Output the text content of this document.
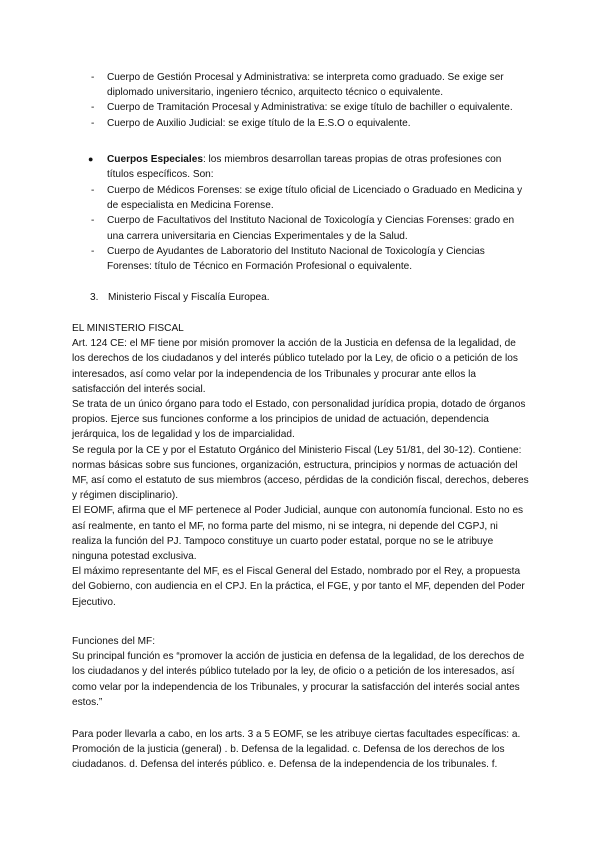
- Cuerpo de Gestión Procesal y Administrativa: se interpreta como graduado. Se exige ser diplomado universitario, ingeniero técnico, arquitecto técnico o equivalente.
- Cuerpo de Tramitación Procesal y Administrativa: se exige título de bachiller o equivalente.
- Cuerpo de Auxilio Judicial: se exige título de la E.S.O o equivalente.
● Cuerpos Especiales: los miembros desarrollan tareas propias de otras profesiones con títulos específicos. Son:
- Cuerpo de Médicos Forenses: se exige título oficial de Licenciado o Graduado en Medicina y de especialista en Medicina Forense.
- Cuerpo de Facultativos del Instituto Nacional de Toxicología y Ciencias Forenses: grado en una carrera universitaria en Ciencias Experimentales y de la Salud.
- Cuerpo de Ayudantes de Laboratorio del Instituto Nacional de Toxicología y Ciencias Forenses: título de Técnico en Formación Profesional o equivalente.
3. Ministerio Fiscal y Fiscalía Europea.

EL MINISTERIO FISCAL

Art. 124 CE: el MF tiene por misión promover la acción de la Justicia en defensa de la legalidad, de los derechos de los ciudadanos y del interés público tutelado por la Ley, de oficio o a petición de los interesados, así como velar por la independencia de los Tribunales y procurar ante ellos la satisfacción del interés social.

Se trata de un único órgano para todo el Estado, con personalidad jurídica propia, dotado de órganos propios. Ejerce sus funciones conforme a los principios de unidad de actuación, dependencia jerárquica, los de legalidad y los de imparcialidad.

Se regula por la CE y por el Estatuto Orgánico del Ministerio Fiscal (Ley 51/81, del 30-12). Contiene: normas básicas sobre sus funciones, organización, estructura, principios y normas de actuación del MF, así como el estatuto de sus miembros (acceso, pérdidas de la condición fiscal, derechos, deberes y régimen disciplinario).

El EOMF, afirma que el MF pertenece al Poder Judicial, aunque con autonomía funcional. Esto no es así realmente, en tanto el MF, no forma parte del mismo, ni se integra, ni depende del CGPJ, ni realiza la función del PJ. Tampoco constituye un cuarto poder estatal, porque no se le atribuye ninguna potestad exclusiva.

El máximo representante del MF, es el Fiscal General del Estado, nombrado por el Rey, a propuesta del Gobierno, con audiencia en el CPJ. En la práctica, el FGE, y por tanto el MF, dependen del Poder Ejecutivo.

Funciones del MF:

Su principal función es “promover la acción de justicia en defensa de la legalidad, de los derechos de los ciudadanos y del interés público tutelado por la ley, de oficio o a petición de los interesados, así como velar por la independencia de los Tribunales, y procurar la satisfacción del interés social antes estos.”

Para poder llevarla a cabo, en los arts. 3 a 5 EOMF, se les atribuye ciertas facultades específicas: a. Promoción de la justicia (general) . b. Defensa de la legalidad. c. Defensa de los derechos de los ciudadanos. d. Defensa del interés público. e. Defensa de la independencia de los tribunales. f.
